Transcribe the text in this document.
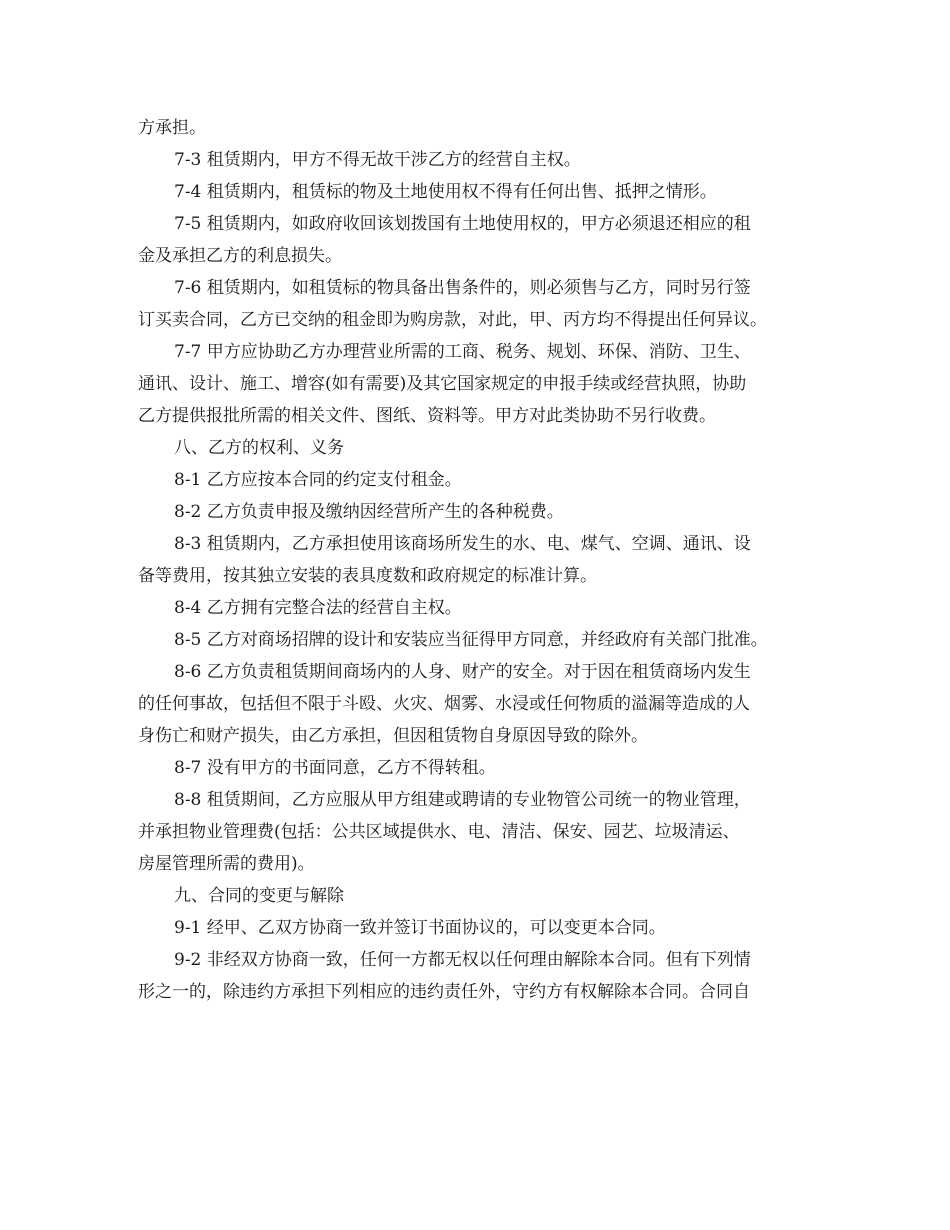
方承担。
7-3 租赁期内，甲方不得无故干涉乙方的经营自主权。
7-4 租赁期内，租赁标的物及土地使用权不得有任何出售、抵押之情形。
7-5 租赁期内，如政府收回该划拨国有土地使用权的，甲方必须退还相应的租
金及承担乙方的利息损失。
7-6 租赁期内，如租赁标的物具备出售条件的，则必须售与乙方，同时另行签
订买卖合同，乙方已交纳的租金即为购房款，对此，甲、丙方均不得提出任何异议。
7-7 甲方应协助乙方办理营业所需的工商、税务、规划、环保、消防、卫生、
通讯、设计、施工、增容(如有需要)及其它国家规定的申报手续或经营执照，协助
乙方提供报批所需的相关文件、图纸、资料等。甲方对此类协助不另行收费。
八、乙方的权利、义务
8-1 乙方应按本合同的约定支付租金。
8-2 乙方负责申报及缴纳因经营所产生的各种税费。
8-3 租赁期内，乙方承担使用该商场所发生的水、电、煤气、空调、通讯、设
备等费用，按其独立安装的表具度数和政府规定的标准计算。
8-4 乙方拥有完整合法的经营自主权。
8-5 乙方对商场招牌的设计和安装应当征得甲方同意，并经政府有关部门批准。
8-6 乙方负责租赁期间商场内的人身、财产的安全。对于因在租赁商场内发生
的任何事故，包括但不限于斗殴、火灾、烟雾、水浸或任何物质的溢漏等造成的人
身伤亡和财产损失，由乙方承担，但因租赁物自身原因导致的除外。
8-7 没有甲方的书面同意，乙方不得转租。
8-8 租赁期间，乙方应服从甲方组建或聘请的专业物管公司统一的物业管理，
并承担物业管理费(包括：公共区域提供水、电、清洁、保安、园艺、垃圾清运、
房屋管理所需的费用)。
九、合同的变更与解除
9-1 经甲、乙双方协商一致并签订书面协议的，可以变更本合同。
9-2 非经双方协商一致，任何一方都无权以任何理由解除本合同。但有下列情
形之一的，除违约方承担下列相应的违约责任外，守约方有权解除本合同。合同自
